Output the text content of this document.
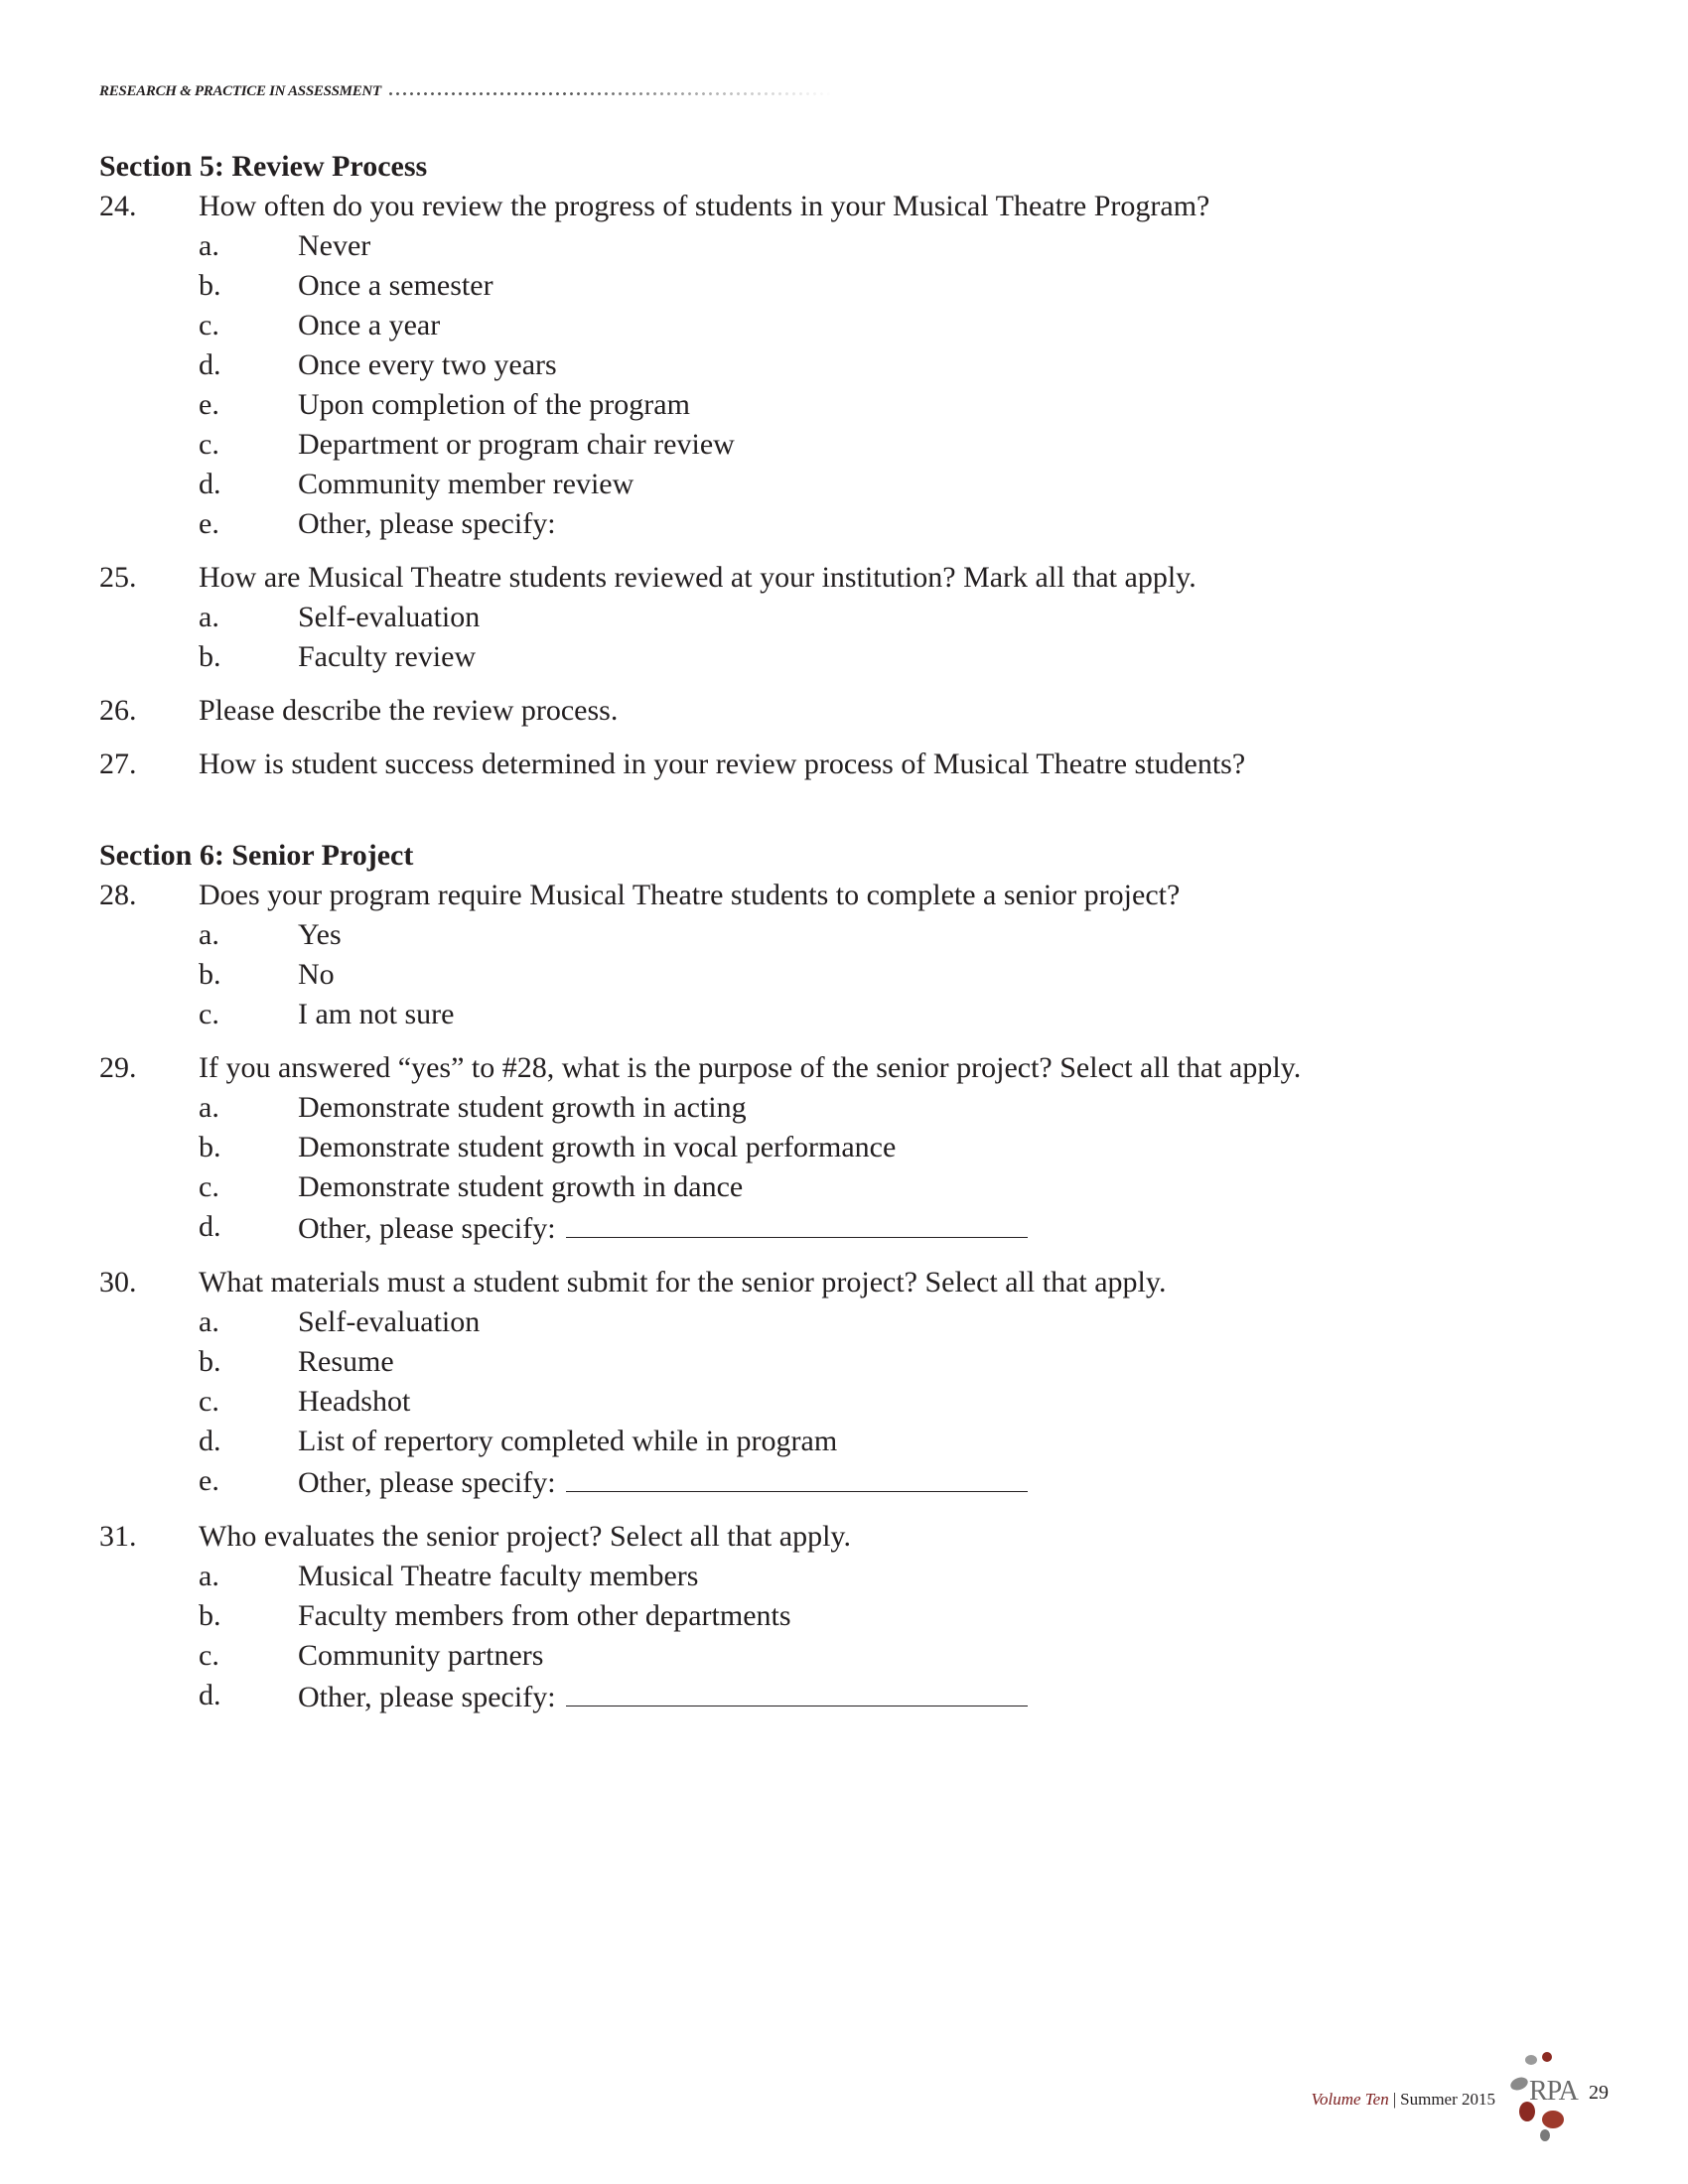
RESEARCH & PRACTICE IN ASSESSMENT
Section 5: Review Process
24.	How often do you review the progress of students in your Musical Theatre Program?
a.	Never
b.	Once a semester
c.	Once a year
d.	Once every two years
e.	Upon completion of the program
c.	Department or program chair review
d.	Community member review
e.	Other, please specify:
25.	How are Musical Theatre students reviewed at your institution? Mark all that apply.
a.	Self-evaluation
b.	Faculty review
26.	Please describe the review process.
27.	How is student success determined in your review process of Musical Theatre students?
Section 6: Senior Project
28.	Does your program require Musical Theatre students to complete a senior project?
a.	Yes
b.	No
c.	I am not sure
29.	If you answered “yes” to #28, what is the purpose of the senior project? Select all that apply.
a.	Demonstrate student growth in acting
b.	Demonstrate student growth in vocal performance
c.	Demonstrate student growth in dance
d.	Other, please specify:
30.	What materials must a student submit for the senior project? Select all that apply.
a.	Self-evaluation
b.	Resume
c.	Headshot
d.	List of repertory completed while in program
e.	Other, please specify:
31.	Who evaluates the senior project? Select all that apply.
a.	Musical Theatre faculty members
b.	Faculty members from other departments
c.	Community partners
d.	Other, please specify:
Volume Ten | Summer 2015 RPA 29
